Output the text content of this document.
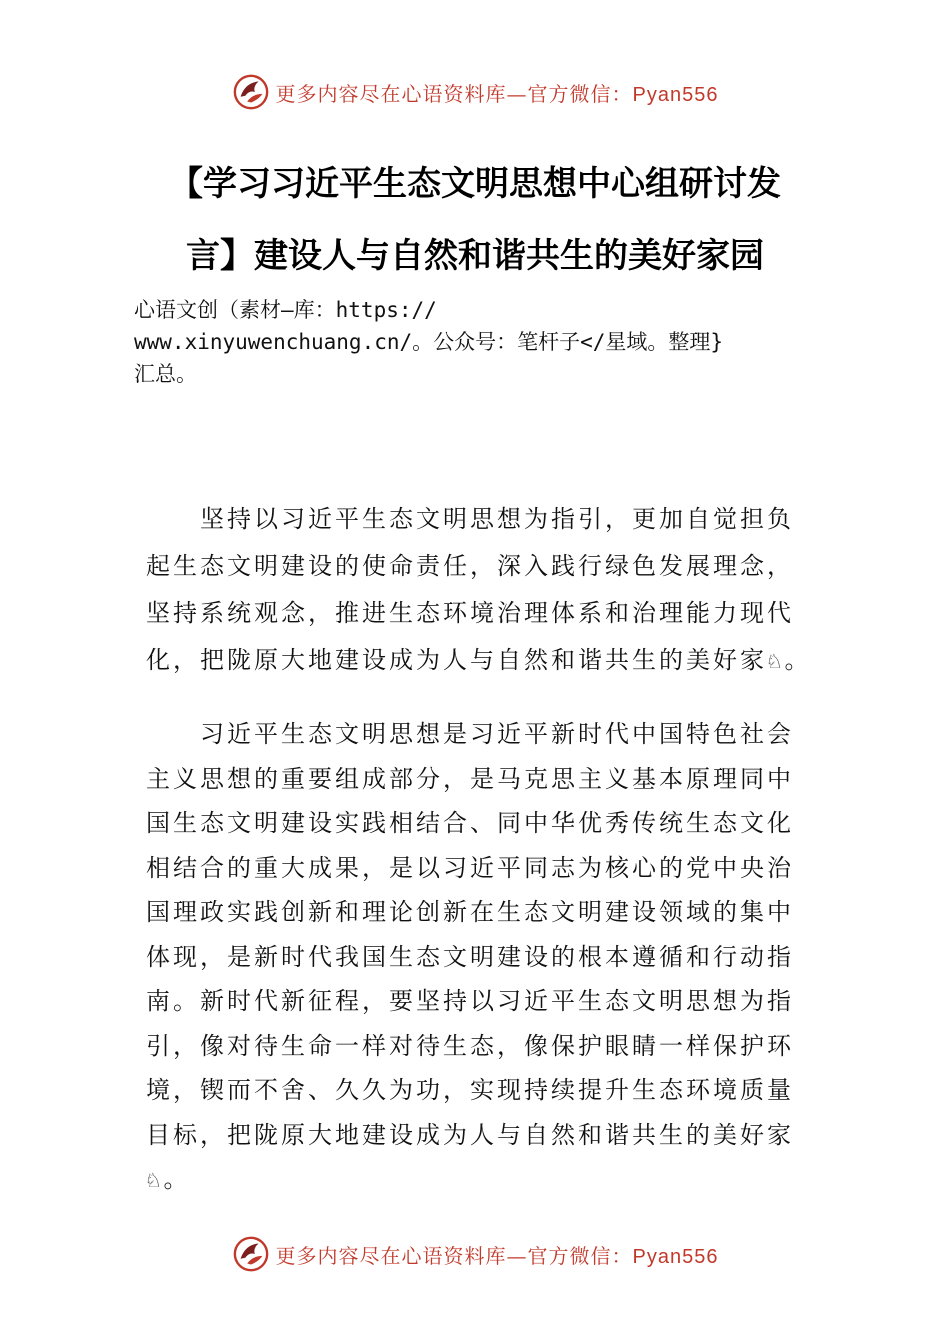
更多内容尽在心语资料库—官方微信：Pyan556
【学习习近平生态文明思想中心组研讨发
言】建设人与自然和谐共生的美好家园
心语文创（素材—库：https://
www.xinyuwenchuang.cn/。公众号：笔杆子</星域。整理}
汇总。
　　坚持以习近平生态文明思想为指引，更加自觉担负
起生态文明建设的使命责任，深入践行绿色发展理念，
坚持系统观念，推进生态环境治理体系和治理能力现代
化，把陇原大地建设成为人与自然和谐共生的美好家♘。
　　习近平生态文明思想是习近平新时代中国特色社会
主义思想的重要组成部分，是马克思主义基本原理同中
国生态文明建设实践相结合、同中华优秀传统生态文化
相结合的重大成果，是以习近平同志为核心的党中央治
国理政实践创新和理论创新在生态文明建设领域的集中
体现，是新时代我国生态文明建设的根本遵循和行动指
南。新时代新征程，要坚持以习近平生态文明思想为指
引，像对待生命一样对待生态，像保护眼睛一样保护环
境，锲而不舍、久久为功，实现持续提升生态环境质量
目标，把陇原大地建设成为人与自然和谐共生的美好家
♘。
更多内容尽在心语资料库—官方微信：Pyan556
